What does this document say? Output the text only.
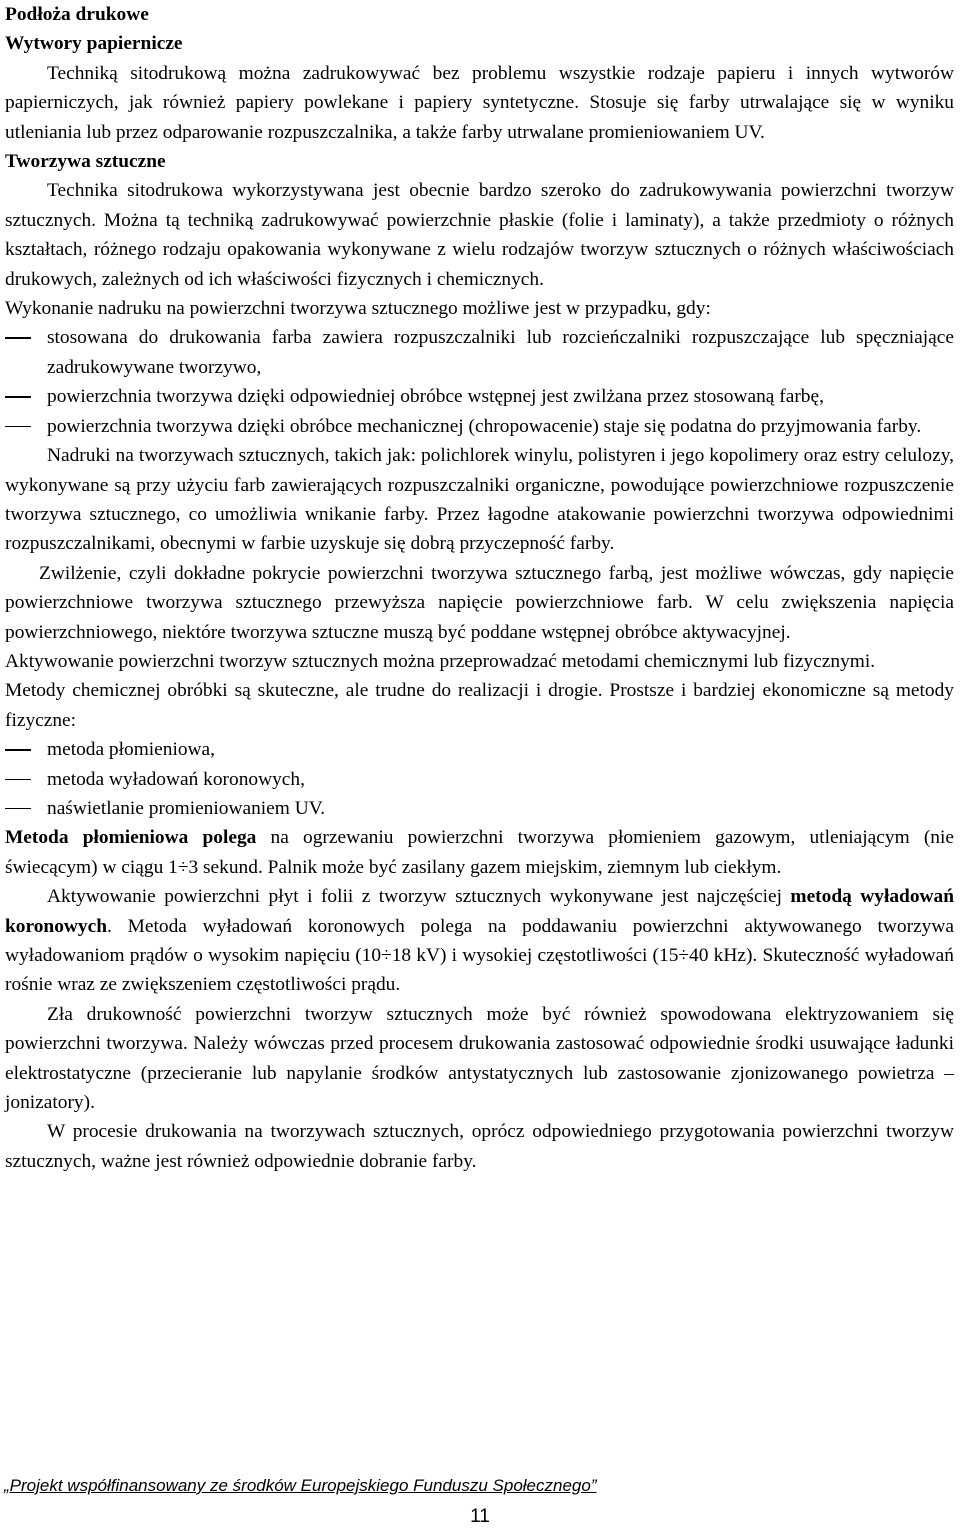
Podłoża drukowe
Wytwory papiernicze

Techniką sitodrukową można zadrukowywać bez problemu wszystkie rodzaje papieru i innych wytworów papierniczych, jak również papiery powlekane i papiery syntetyczne. Stosuje się farby utrwalające się w wyniku utleniania lub przez odparowanie rozpuszczalnika, a także farby utrwalane promieniowaniem UV.

Tworzywa sztuczne

Technika sitodrukowa wykorzystywana jest obecnie bardzo szeroko do zadrukowywania powierzchni tworzyw sztucznych. Można tą techniką zadrukowywać powierzchnie płaskie (folie i laminaty), a także przedmioty o różnych kształtach, różnego rodzaju opakowania wykonywane z wielu rodzajów tworzyw sztucznych o różnych właściwościach drukowych, zależnych od ich właściwości fizycznych i chemicznych.

Wykonanie nadruku na powierzchni tworzywa sztucznego możliwe jest w przypadku, gdy:

stosowana do drukowania farba zawiera rozpuszczalniki lub rozcieńczalniki rozpuszczające lub spęczniające zadrukowywane tworzywo,
powierzchnia tworzywa dzięki odpowiedniej obróbce wstępnej jest zwilżana przez stosowaną farbę,
powierzchnia tworzywa dzięki obróbce mechanicznej (chropowacenie) staje się podatna do przyjmowania farby.

Nadruki na tworzywach sztucznych, takich jak: polichlorek winylu, polistyren i jego kopolimery oraz estry celulozy, wykonywane są przy użyciu farb zawierających rozpuszczalniki organiczne, powodujące powierzchniowe rozpuszczenie tworzywa sztucznego, co umożliwia wnikanie farby. Przez łagodne atakowanie powierzchni tworzywa odpowiednimi rozpuszczalnikami, obecnymi w farbie uzyskuje się dobrą przyczepność farby.

Zwilżenie, czyli dokładne pokrycie powierzchni tworzywa sztucznego farbą, jest możliwe wówczas, gdy napięcie powierzchniowe tworzywa sztucznego przewyższa napięcie powierzchniowe farb. W celu zwiększenia napięcia powierzchniowego, niektóre tworzywa sztuczne muszą być poddane wstępnej obróbce aktywacyjnej.

Aktywowanie powierzchni tworzyw sztucznych można przeprowadzać metodami chemicznymi lub fizycznymi.

Metody chemicznej obróbki są skuteczne, ale trudne do realizacji i drogie. Prostsze i bardziej ekonomiczne są metody fizyczne:

metoda płomieniowa,
metoda wyładowań koronowych,
naświetlanie promieniowaniem UV.

Metoda płomieniowa polega na ogrzewaniu powierzchni tworzywa płomieniem gazowym, utleniającym (nie świecącym) w ciągu 1÷3 sekund. Palnik może być zasilany gazem miejskim, ziemnym lub ciekłym.

Aktywowanie powierzchni płyt i folii z tworzyw sztucznych wykonywane jest najczęściej metodą wyładowań koronowych. Metoda wyładowań koronowych polega na poddawaniu powierzchni aktywowanego tworzywa wyładowaniom prądów o wysokim napięciu (10÷18 kV) i wysokiej częstotliwości (15÷40 kHz). Skuteczność wyładowań rośnie wraz ze zwiększeniem częstotliwości prądu.

Zła drukowność powierzchni tworzyw sztucznych może być również spowodowana elektryzowaniem się powierzchni tworzywa. Należy wówczas przed procesem drukowania zastosować odpowiednie środki usuwające ładunki elektrostatyczne (przecieranie lub napylanie środków antystatycznych lub zastosowanie zjonizowanego powietrza – jonizatory).

W procesie drukowania na tworzywach sztucznych, oprócz odpowiedniego przygotowania powierzchni tworzyw sztucznych, ważne jest również odpowiednie dobranie farby.

„Projekt współfinansowany ze środków Europejskiego Funduszu Społecznego”
11
